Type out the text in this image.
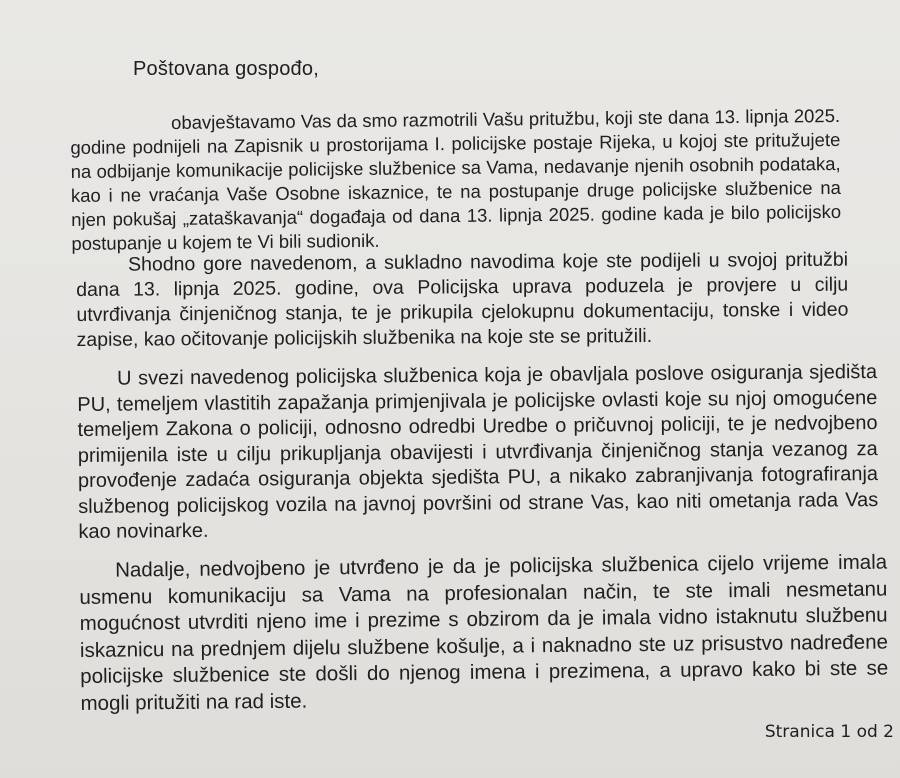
Poštovana gospođo,

obavještavamo Vas da smo razmotrili Vašu pritužbu, koji ste dana 13. lipnja 2025. godine podnijeli na Zapisnik u prostorijama I. policijske postaje Rijeka, u kojoj ste pritužujete na odbijanje komunikacije policijske službenice sa Vama, nedavanje njenih osobnih podataka, kao i ne vraćanja Vaše Osobne iskaznice, te na postupanje druge policijske službenice na njen pokušaj „zataškavanja“ događaja od dana 13. lipnja 2025. godine kada je bilo policijsko postupanje u kojem te Vi bili sudionik.

Shodno gore navedenom, a sukladno navodima koje ste podijeli u svojoj pritužbi dana 13. lipnja 2025. godine, ova Policijska uprava poduzela je provjere u cilju utvrđivanja činjeničnog stanja, te je prikupila cjelokupnu dokumentaciju, tonske i video zapise, kao očitovanje policijskih službenika na koje ste se pritužili.

U svezi navedenog policijska službenica koja je obavljala poslove osiguranja sjedišta PU, temeljem vlastitih zapažanja primjenjivala je policijske ovlasti koje su njoj omogućene temeljem Zakona o policiji, odnosno odredbi Uredbe o pričuvnoj policiji, te je nedvojbeno primijenila iste u cilju prikupljanja obavijesti i utvrđivanja činjeničnog stanja vezanog za provođenje zadaća osiguranja objekta sjedišta PU, a nikako zabranjivanja fotografiranja službenog policijskog vozila na javnoj površini od strane Vas, kao niti ometanja rada Vas kao novinarke.

Nadalje, nedvojbeno je utvrđeno je da je policijska službenica cijelo vrijeme imala usmenu komunikaciju sa Vama na profesionalan način, te ste imali nesmetanu mogućnost utvrditi njeno ime i prezime s obzirom da je imala vidno istaknutu službenu iskaznicu na prednjem dijelu službene košulje, a i naknadno ste uz prisustvo nadređene policijske službenice ste došli do njenog imena i prezimena, a upravo kako bi ste se mogli pritužiti na rad iste.

Stranica 1 od 2
